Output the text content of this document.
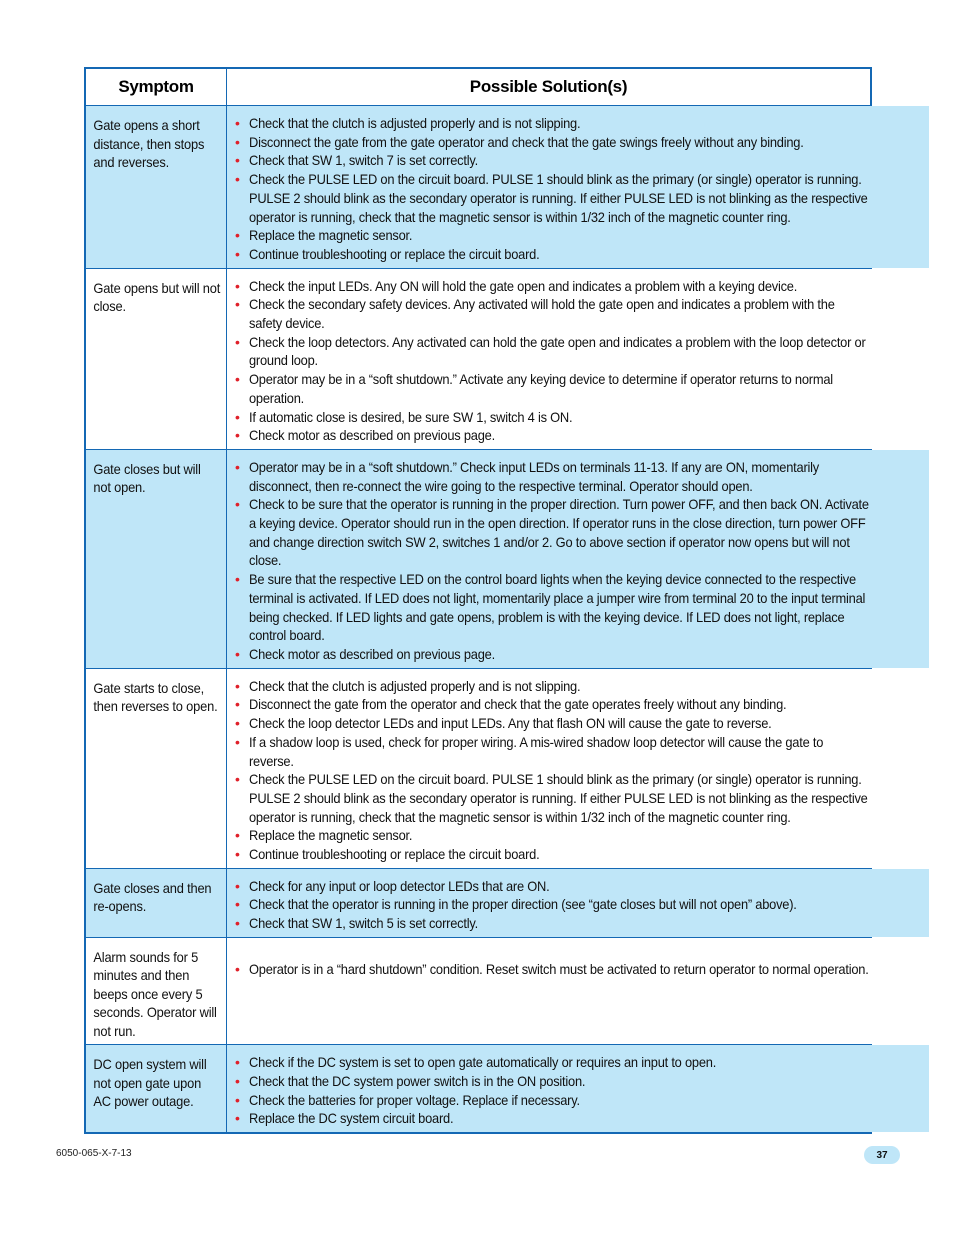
Symptom	Possible Solution(s)
Gate opens a short distance, then stops and reverses.
• Check that the clutch is adjusted properly and is not slipping.
• Disconnect the gate from the gate operator and check that the gate swings freely without any binding.
• Check that SW 1, switch 7 is set correctly.
• Check the PULSE LED on the circuit board. PULSE 1 should blink as the primary (or single) operator is running. PULSE 2 should blink as the secondary operator is running. If either PULSE LED is not blinking as the respective operator is running, check that the magnetic sensor is within 1/32 inch of the magnetic counter ring.
• Replace the magnetic sensor.
• Continue troubleshooting or replace the circuit board.
Gate opens but will not close.
• Check the input LEDs. Any ON will hold the gate open and indicates a problem with a keying device.
• Check the secondary safety devices. Any activated will hold the gate open and indicates a problem with the safety device.
• Check the loop detectors. Any activated can hold the gate open and indicates a problem with the loop detector or ground loop.
• Operator may be in a “soft shutdown.” Activate any keying device to determine if operator returns to normal operation.
• If automatic close is desired, be sure SW 1, switch 4 is ON.
• Check motor as described on previous page.
Gate closes but will not open.
• Operator may be in a “soft shutdown.” Check input LEDs on terminals 11-13. If any are ON, momentarily disconnect, then re-connect the wire going to the respective terminal. Operator should open.
• Check to be sure that the operator is running in the proper direction. Turn power OFF, and then back ON. Activate a keying device. Operator should run in the open direction. If operator runs in the close direction, turn power OFF and change direction switch SW 2, switches 1 and/or 2. Go to above section if operator now opens but will not close.
• Be sure that the respective LED on the control board lights when the keying device connected to the respective terminal is activated. If LED does not light, momentarily place a jumper wire from terminal 20 to the input terminal being checked. If LED lights and gate opens, problem is with the keying device. If LED does not light, replace control board.
• Check motor as described on previous page.
Gate starts to close, then reverses to open.
• Check that the clutch is adjusted properly and is not slipping.
• Disconnect the gate from the operator and check that the gate operates freely without any binding.
• Check the loop detector LEDs and input LEDs. Any that flash ON will cause the gate to reverse.
• If a shadow loop is used, check for proper wiring. A mis-wired shadow loop detector will cause the gate to reverse.
• Check the PULSE LED on the circuit board. PULSE 1 should blink as the primary (or single) operator is running. PULSE 2 should blink as the secondary operator is running. If either PULSE LED is not blinking as the respective operator is running, check that the magnetic sensor is within 1/32 inch of the magnetic counter ring.
• Replace the magnetic sensor.
• Continue troubleshooting or replace the circuit board.
Gate closes and then re-opens.
• Check for any input or loop detector LEDs that are ON.
• Check that the operator is running in the proper direction (see “gate closes but will not open” above).
• Check that SW 1, switch 5 is set correctly.
Alarm sounds for 5 minutes and then beeps once every 5 seconds. Operator will not run.
• Operator is in a “hard shutdown” condition. Reset switch must be activated to return operator to normal operation.
DC open system will not open gate upon AC power outage.
• Check if the DC system is set to open gate automatically or requires an input to open.
• Check that the DC system power switch is in the ON position.
• Check the batteries for proper voltage. Replace if necessary.
• Replace the DC system circuit board.
6050-065-X-7-13	37
